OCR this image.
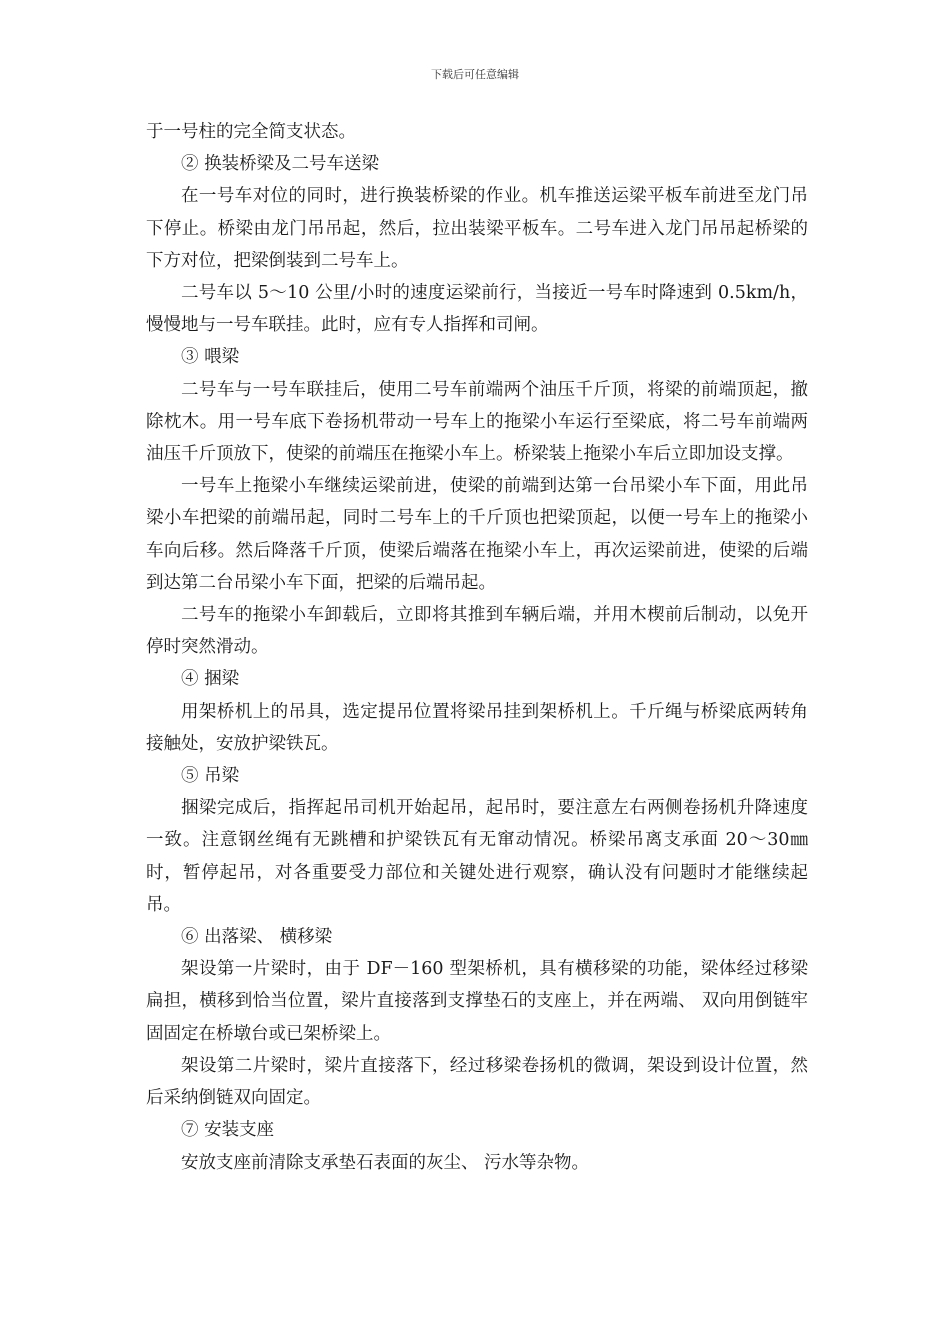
下载后可任意编辑

于一号柱的完全简支状态。

② 换装桥梁及二号车送梁

在一号车对位的同时，进行换装桥梁的作业。机车推送运梁平板车前进至龙门吊下停止。桥梁由龙门吊吊起，然后，拉出装梁平板车。二号车进入龙门吊吊起桥梁的下方对位，把梁倒装到二号车上。

二号车以 5～10 公里/小时的速度运梁前行，当接近一号车时降速到 0.5km/h，慢慢地与一号车联挂。此时，应有专人指挥和司闸。

③ 喂梁

二号车与一号车联挂后，使用二号车前端两个油压千斤顶，将梁的前端顶起，撤除枕木。用一号车底下卷扬机带动一号车上的拖梁小车运行至梁底，将二号车前端两油压千斤顶放下，使梁的前端压在拖梁小车上。桥梁装上拖梁小车后立即加设支撑。

一号车上拖梁小车继续运梁前进，使梁的前端到达第一台吊梁小车下面，用此吊梁小车把梁的前端吊起，同时二号车上的千斤顶也把梁顶起，以便一号车上的拖梁小车向后移。然后降落千斤顶，使梁后端落在拖梁小车上，再次运梁前进，使梁的后端到达第二台吊梁小车下面，把梁的后端吊起。

二号车的拖梁小车卸载后，立即将其推到车辆后端，并用木楔前后制动，以免开停时突然滑动。

④ 捆梁

用架桥机上的吊具，选定提吊位置将梁吊挂到架桥机上。千斤绳与桥梁底两转角接触处，安放护梁铁瓦。

⑤ 吊梁

捆梁完成后，指挥起吊司机开始起吊，起吊时，要注意左右两侧卷扬机升降速度一致。注意钢丝绳有无跳槽和护梁铁瓦有无窜动情况。桥梁吊离支承面 20～30㎜时，暂停起吊，对各重要受力部位和关键处进行观察，确认没有问题时才能继续起吊。

⑥ 出落梁、 横移梁

架设第一片梁时，由于 DF－160 型架桥机，具有横移梁的功能，梁体经过移梁扁担，横移到恰当位置，梁片直接落到支撑垫石的支座上，并在两端、 双向用倒链牢固固定在桥墩台或已架桥梁上。

架设第二片梁时，梁片直接落下，经过移梁卷扬机的微调，架设到设计位置，然后采纳倒链双向固定。

⑦ 安装支座

安放支座前清除支承垫石表面的灰尘、 污水等杂物。
